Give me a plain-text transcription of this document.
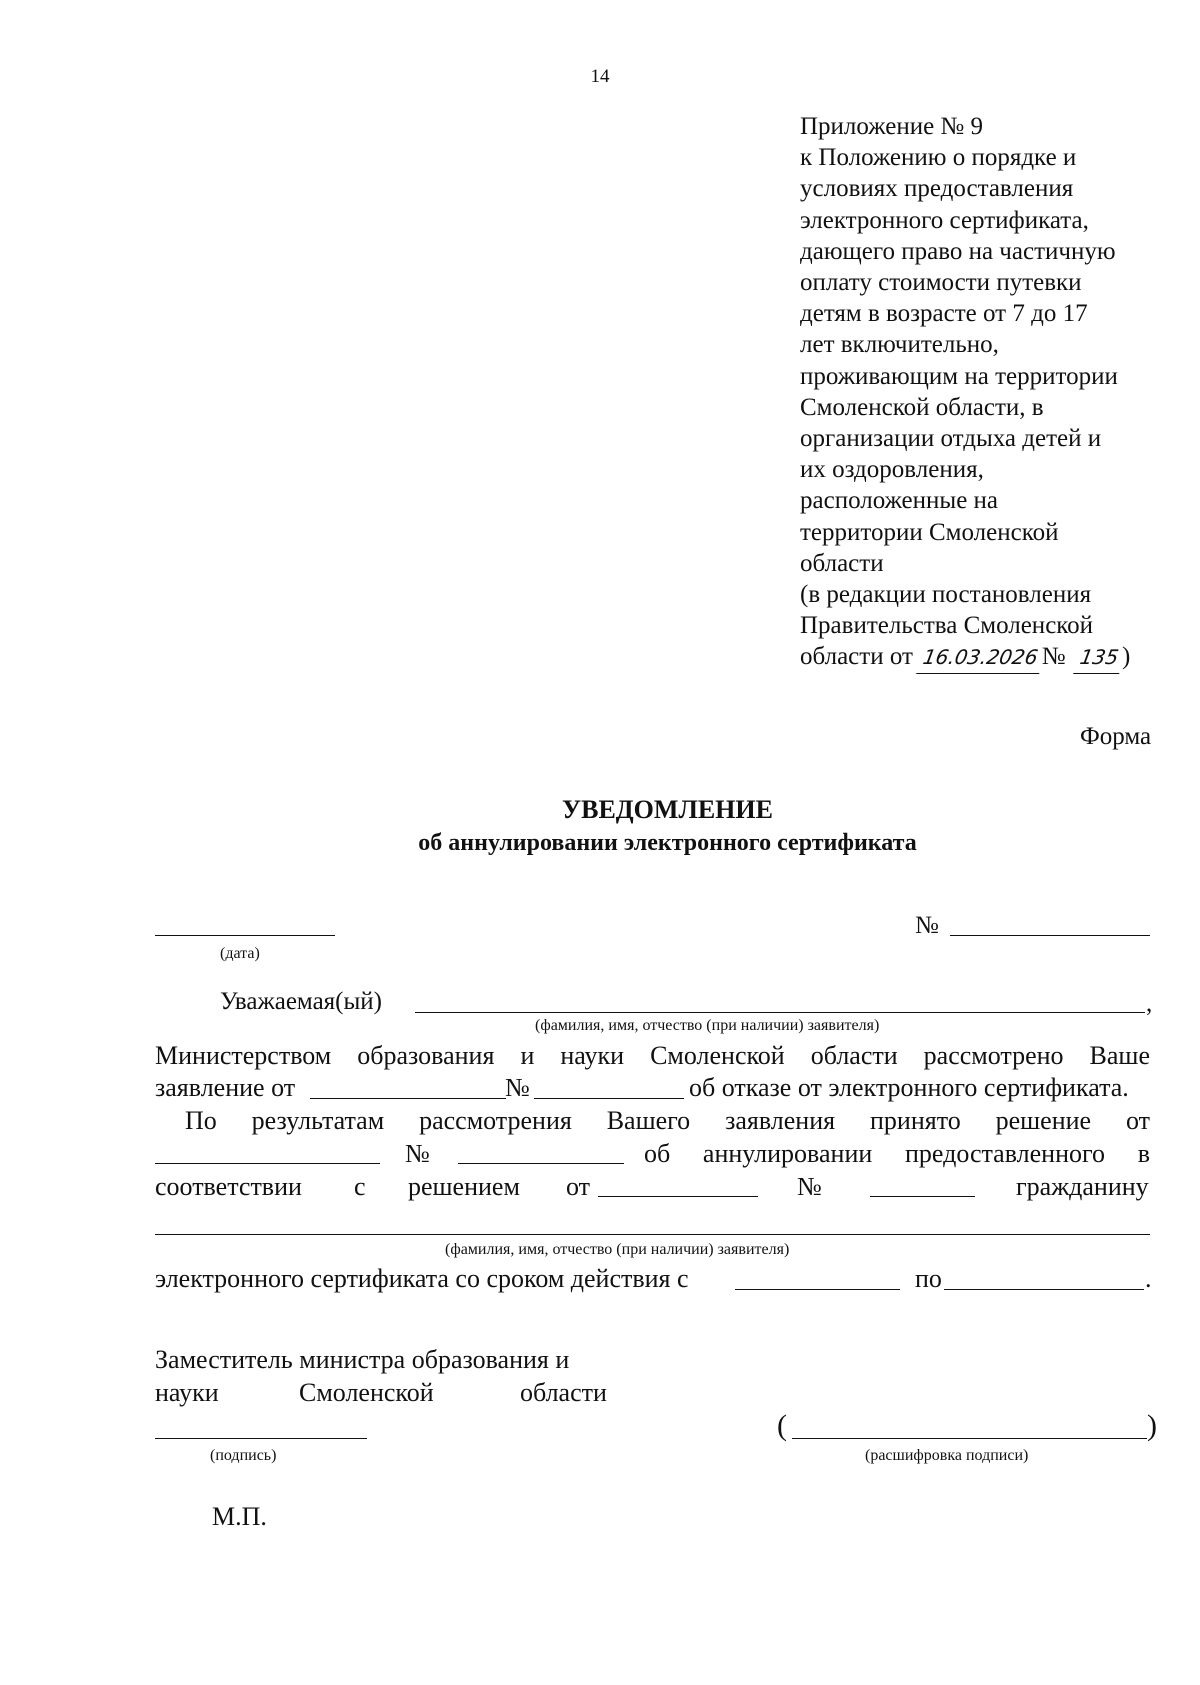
14
Приложение № 9
к Положению о порядке и
условиях предоставления
электронного сертификата,
дающего право на частичную
оплату стоимости путевки
детям в возрасте от 7 до 17
лет включительно,
проживающим на территории
Смоленской области, в
организации отдыха детей и
их оздоровления,
расположенные на
территории Смоленской
области
(в редакции постановления
Правительства Смоленской
области от 16.03.2026№ 135)
Форма
УВЕДОМЛЕНИЕ
об аннулировании электронного сертификата
(дата)
№
Уважаемая(ый)	,
(фамилия, имя, отчество (при наличии) заявителя)
Министерством образования и науки Смоленской области рассмотрено Ваше
заявление от	№	об отказе от электронного сертификата.
По результатам рассмотрения Вашего заявления принято решение от
№	об аннулировании предоставленного в
соответствии с решением от	№	гражданину
(фамилия, имя, отчество (при наличии) заявителя)
электронного сертификата со сроком действия с	по	.
Заместитель министра образования и
науки	Смоленской	области
(подпись)
(	)
(расшифровка подписи)
М.П.
